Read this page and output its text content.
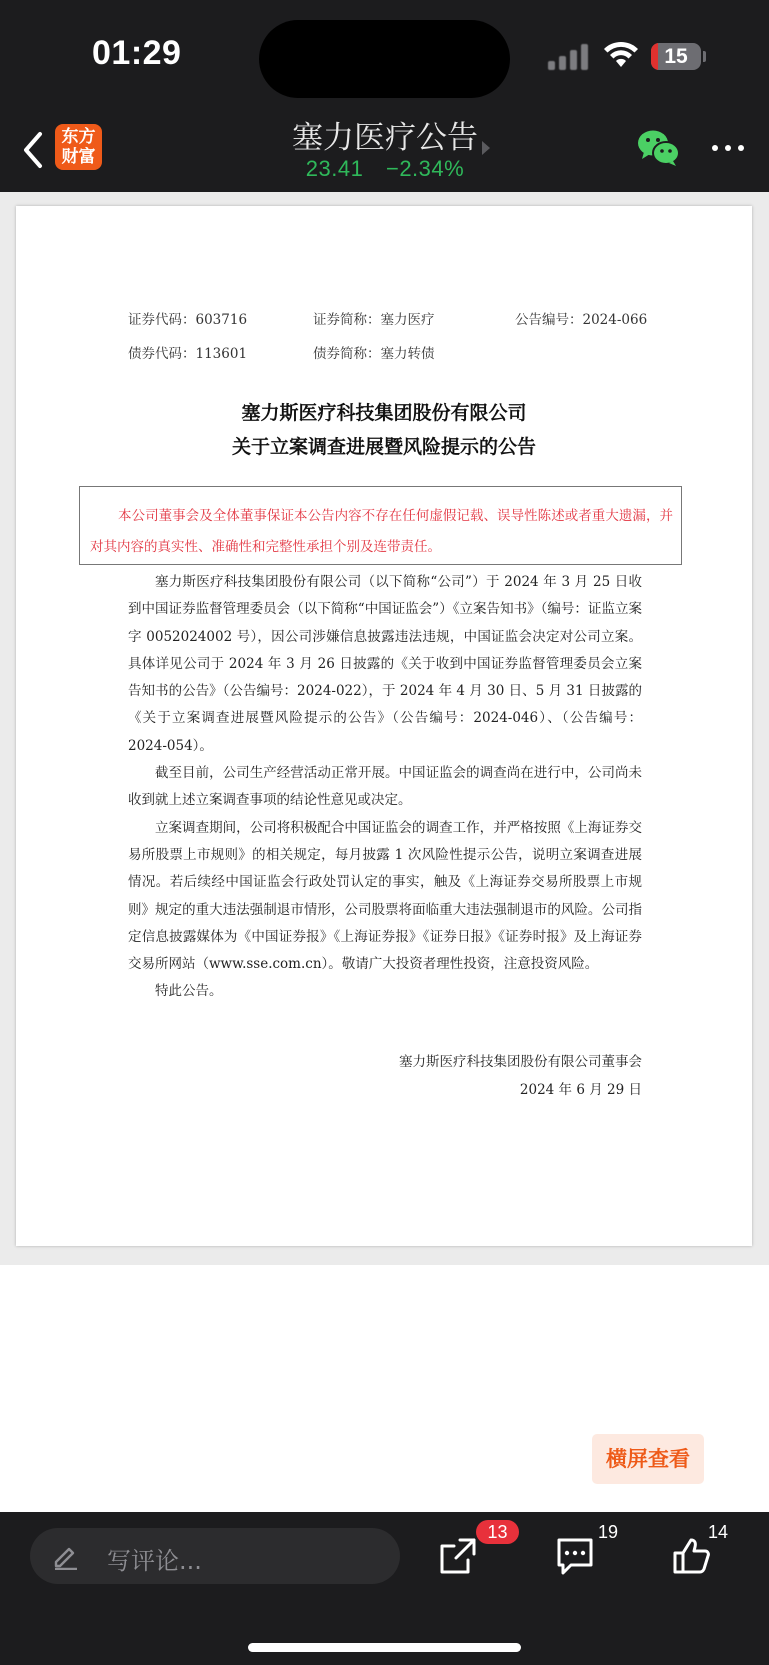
01:29	15
东方
财富
塞力医疗公告
23.41 −2.34%
证券代码：603716	证券简称：塞力医疗	公告编号：2024-066
债券代码：113601	债券简称：塞力转债
塞力斯医疗科技集团股份有限公司
关于立案调查进展暨风险提示的公告
本公司董事会及全体董事保证本公告内容不存在任何虚假记载、误导性陈述或者重大遗漏，并对其内容的真实性、准确性和完整性承担个别及连带责任。

塞力斯医疗科技集团股份有限公司（以下简称“公司”）于 2024 年 3 月 25 日收到中国证券监督管理委员会（以下简称“中国证监会”）《立案告知书》（编号：证监立案字 0052024002 号），因公司涉嫌信息披露违法违规，中国证监会决定对公司立案。具体详见公司于 2024 年 3 月 26 日披露的《关于收到中国证券监督管理委员会立案告知书的公告》（公告编号：2024-022），于 2024 年 4 月 30 日、5 月 31 日披露的《关于立案调查进展暨风险提示的公告》（公告编号：2024-046）、（公告编号：2024-054）。

截至目前，公司生产经营活动正常开展。中国证监会的调查尚在进行中，公司尚未收到就上述立案调查事项的结论性意见或决定。

立案调查期间，公司将积极配合中国证监会的调查工作，并严格按照《上海证券交易所股票上市规则》的相关规定，每月披露 1 次风险性提示公告，说明立案调查进展情况。若后续经中国证监会行政处罚认定的事实，触及《上海证券交易所股票上市规则》规定的重大违法强制退市情形，公司股票将面临重大违法强制退市的风险。公司指定信息披露媒体为《中国证券报》《上海证券报》《证券日报》《证券时报》及上海证券交易所网站（www.sse.com.cn）。敬请广大投资者理性投资，注意投资风险。

特此公告。

塞力斯医疗科技集团股份有限公司董事会
2024 年 6 月 29 日
横屏查看
写评论...
13	19	14
